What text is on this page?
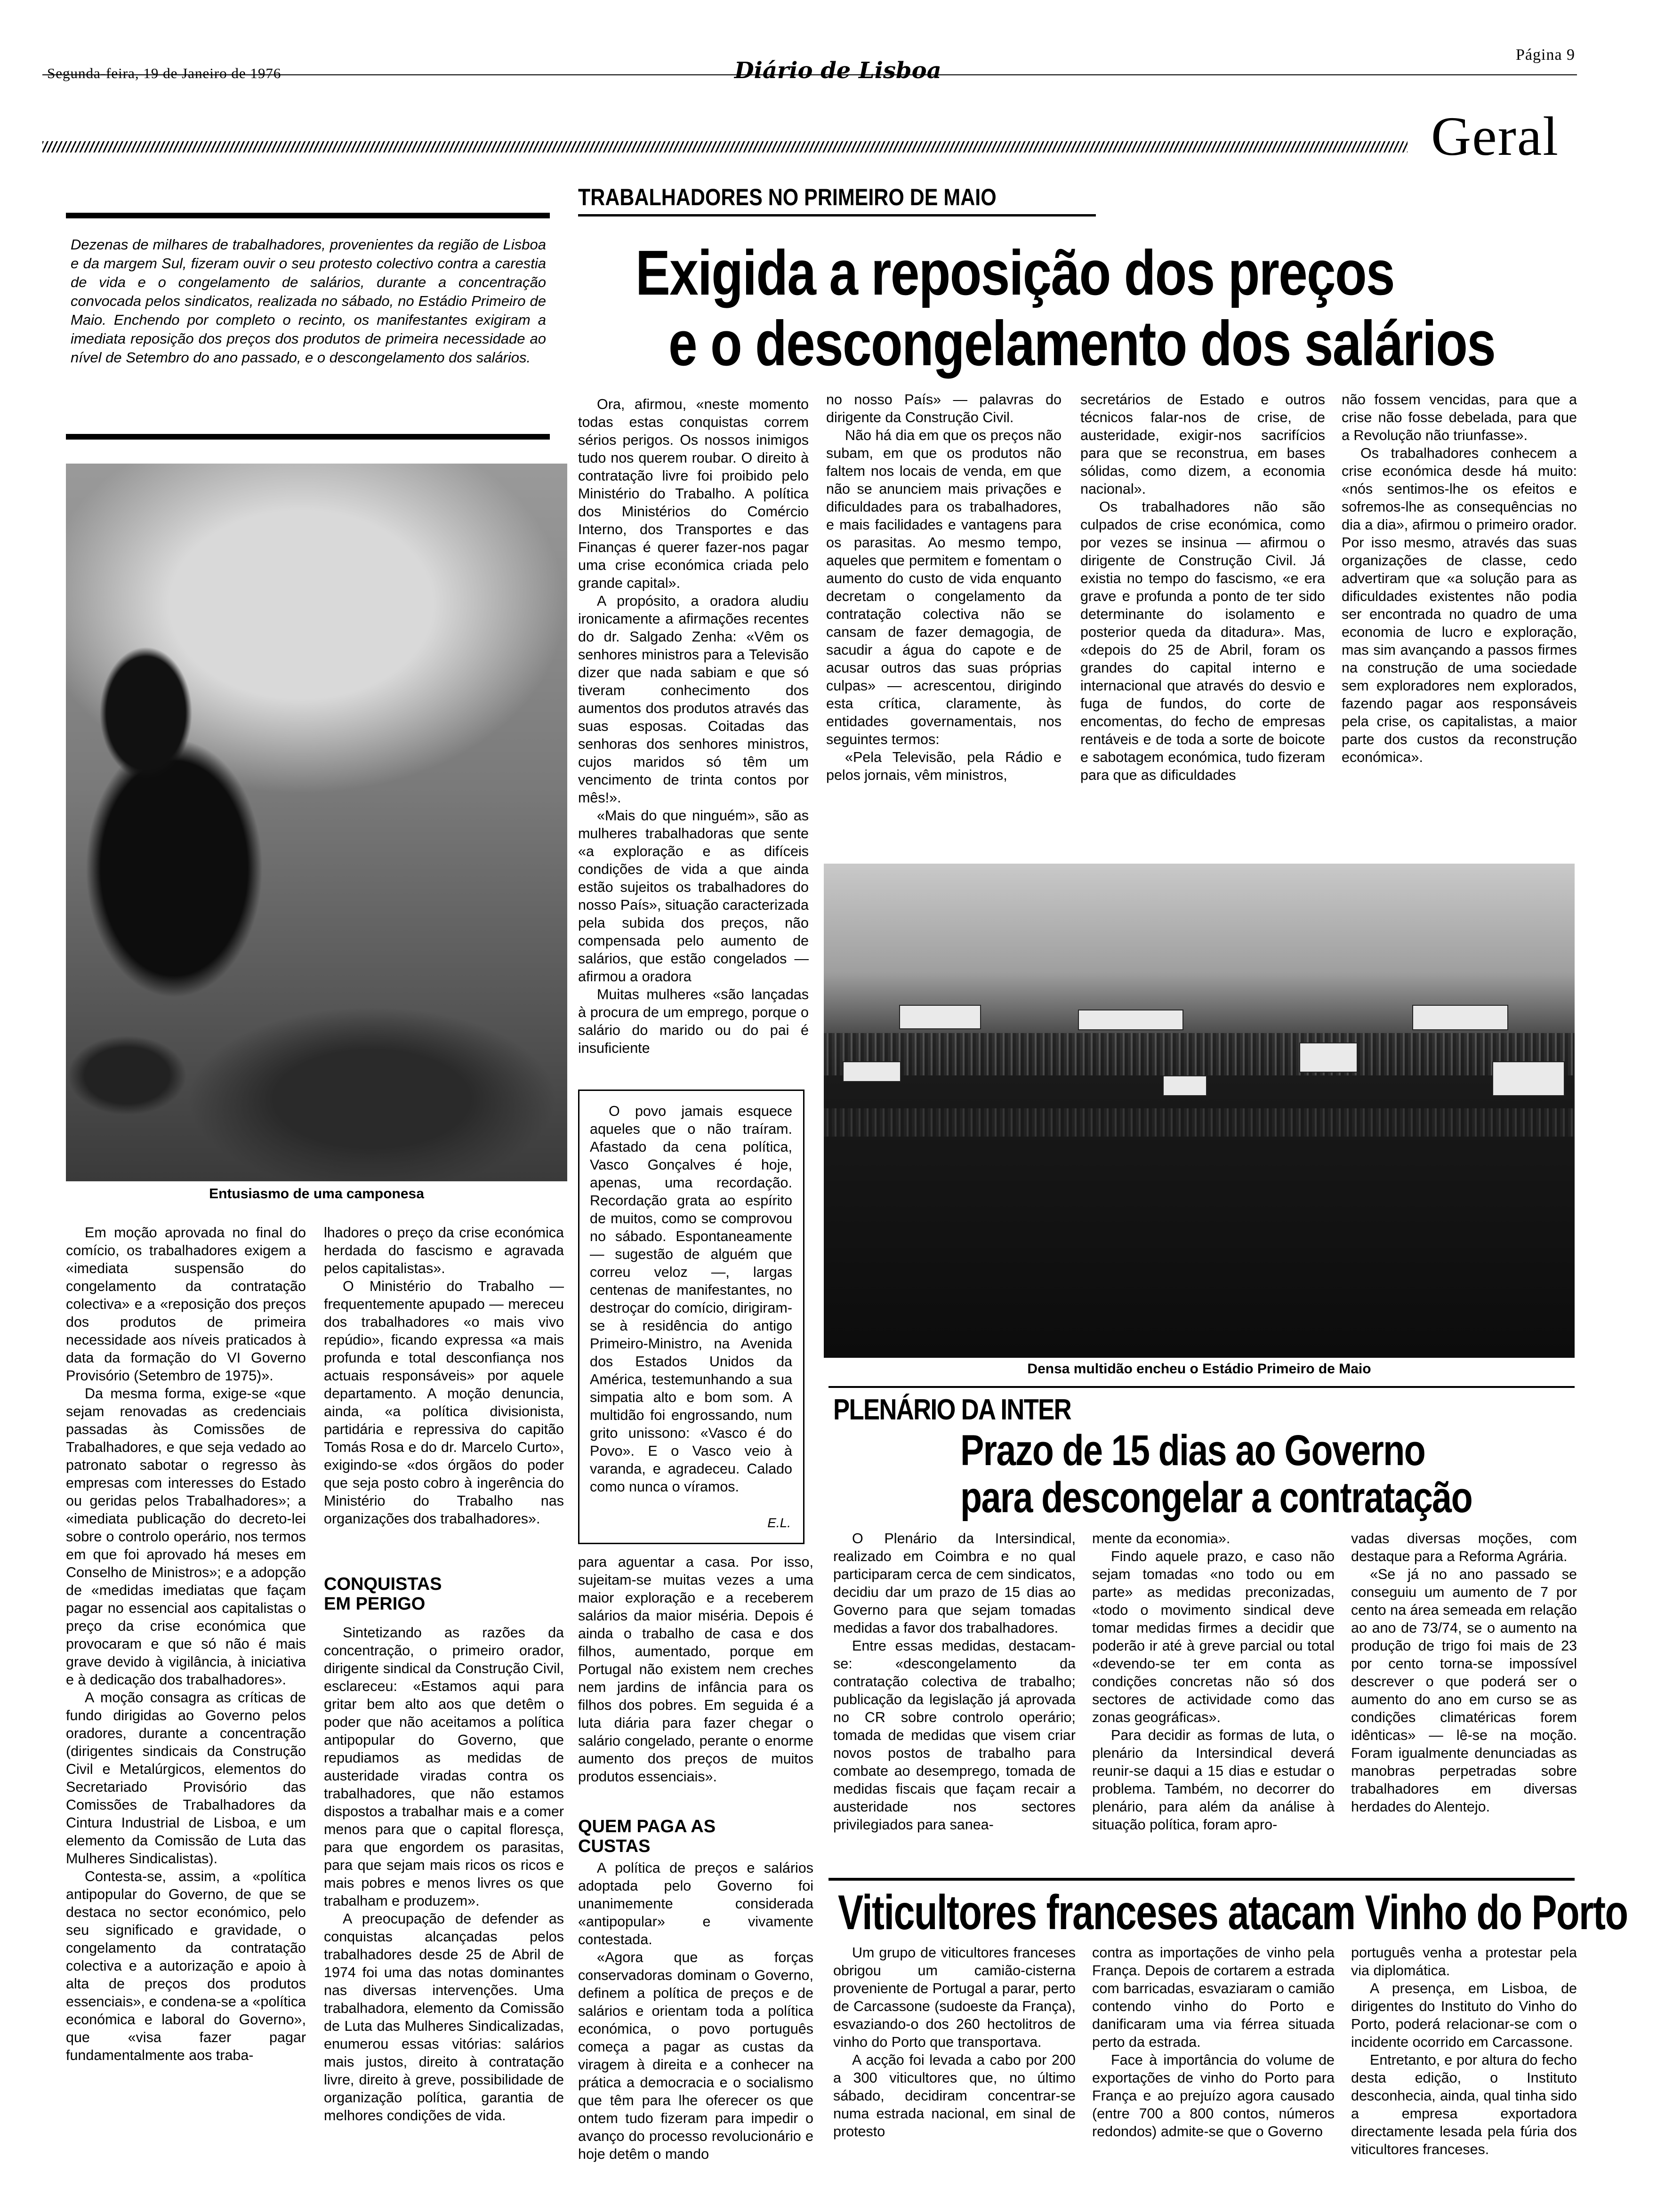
Segunda-feira, 19 de Janeiro de 1976	Diário de Lisboa
Página 9
Geral
TRABALHADORES NO PRIMEIRO DE MAIO
Exigida a reposição dos preços
e o descongelamento dos salários
Dezenas de milhares de trabalhadores, provenientes da região de Lisboa e da margem Sul, fizeram ouvir o seu protesto colectivo contra a carestia de vida e o congelamento de salários, durante a concentração convocada pelos sindicatos, realizada no sábado, no Estádio Primeiro de Maio. Enchendo por completo o recinto, os manifestantes exigiram a imediata reposição dos preços dos produtos de primeira necessidade ao nível de Setembro do ano passado, e o descongelamento dos salários.
Entusiasmo de uma camponesa

Em moção aprovada no final do comício, os trabalhadores exigem a «imediata suspensão do congelamento da contratação colectiva» e a «reposição dos preços dos produtos de primeira necessidade aos níveis praticados à data da formação do VI Governo Provisório (Setembro de 1975)».

Da mesma forma, exige-se «que sejam renovadas as credenciais passadas às Comissões de Trabalhadores, e que seja vedado ao patronato sabotar o regresso às empresas com interesses do Estado ou geridas pelos Trabalhadores»; a «imediata publicação do decreto-lei sobre o controlo operário, nos termos em que foi aprovado há meses em Conselho de Ministros»; e a adopção de «medidas imediatas que façam pagar no essencial aos capitalistas o preço da crise económica que provocaram e que só não é mais grave devido à vigilância, à iniciativa e à dedicação dos trabalhadores».

A moção consagra as críticas de fundo dirigidas ao Governo pelos oradores, durante a concentração (dirigentes sindicais da Construção Civil e Metalúrgicos, elementos do Secretariado Provisório das Comissões de Trabalhadores da Cintura Industrial de Lisboa, e um elemento da Comissão de Luta das Mulheres Sindicalistas).

Contesta-se, assim, a «política antipopular do Governo, de que se destaca no sector económico, pelo seu significado e gravidade, o congelamento da contratação colectiva e a autorização e apoio à alta de preços dos produtos essenciais», e condena-se a «política económica e laboral do Governo», que «visa fazer pagar fundamentalmente aos traba-

lhadores o preço da crise económica herdada do fascismo e agravada pelos capitalistas».

O Ministério do Trabalho — frequentemente apupado — mereceu dos trabalhadores «o mais vivo repúdio», ficando expressa «a mais profunda e total desconfiança nos actuais responsáveis» por aquele departamento. A moção denuncia, ainda, «a política divisionista, partidária e repressiva do capitão Tomás Rosa e do dr. Marcelo Curto», exigindo-se «dos órgãos do poder que seja posto cobro à ingerência do Ministério do Trabalho nas organizações dos trabalhadores».

CONQUISTAS EM PERIGO

Sintetizando as razões da concentração, o primeiro orador, dirigente sindical da Construção Civil, esclareceu: «Estamos aqui para gritar bem alto aos que detêm o poder que não aceitamos a política antipopular do Governo, que repudiamos as medidas de austeridade viradas contra os trabalhadores, que não estamos dispostos a trabalhar mais e a comer menos para que o capital floresça, para que engordem os parasitas, para que sejam mais ricos os ricos e mais pobres e menos livres os que trabalham e produzem».

A preocupação de defender as conquistas alcançadas pelos trabalhadores desde 25 de Abril de 1974 foi uma das notas dominantes nas diversas intervenções. Uma trabalhadora, elemento da Comissão de Luta das Mulheres Sindicalizadas, enumerou essas vitórias: salários mais justos, direito à contratação livre, direito à greve, possibilidade de organização política, garantia de melhores condições de vida.

Ora, afirmou, «neste momento todas estas conquistas correm sérios perigos. Os nossos inimigos tudo nos querem roubar. O direito à contratação livre foi proibido pelo Ministério do Trabalho. A política dos Ministérios do Comércio Interno, dos Transportes e das Finanças é querer fazer-nos pagar uma crise económica criada pelo grande capital».

A propósito, a oradora aludiu ironicamente a afirmações recentes do dr. Salgado Zenha: «Vêm os senhores ministros para a Televisão dizer que nada sabiam e que só tiveram conhecimento dos aumentos dos produtos através das suas esposas. Coitadas das senhoras dos senhores ministros, cujos maridos só têm um vencimento de trinta contos por mês!».

«Mais do que ninguém», são as mulheres trabalhadoras que sente «a exploração e as difíceis condições de vida a que ainda estão sujeitos os trabalhadores do nosso País», situação caracterizada pela subida dos preços, não compensada pelo aumento de salários, que estão congelados — afirmou a oradora

Muitas mulheres «são lançadas à procura de um emprego, porque o salário do marido ou do pai é insuficiente

O povo jamais esquece aqueles que o não traíram. Afastado da cena política, Vasco Gonçalves é hoje, apenas, uma recordação. Recordação grata ao espírito de muitos, como se comprovou no sábado. Espontaneamente — sugestão de alguém que correu veloz —, largas centenas de manifestantes, no destroçar do comício, dirigiram-se à residência do antigo Primeiro-Ministro, na Avenida dos Estados Unidos da América, testemunhando a sua simpatia alto e bom som. A multidão foi engrossando, num grito unissono: «Vasco é do Povo». E o Vasco veio à varanda, e agradeceu. Calado como nunca o víramos.

E.L.

para aguentar a casa. Por isso, sujeitam-se muitas vezes a uma maior exploração e a receberem salários da maior miséria. Depois é ainda o trabalho de casa e dos filhos, aumentado, porque em Portugal não existem nem creches nem jardins de infância para os filhos dos pobres. Em seguida é a luta diária para fazer chegar o salário congelado, perante o enorme aumento dos preços de muitos produtos essenciais».

QUEM PAGA AS CUSTAS

A política de preços e salários adoptada pelo Governo foi unanimemente considerada «antipopular» e vivamente contestada.

«Agora que as forças conservadoras dominam o Governo, definem a política de preços e de salários e orientam toda a política económica, o povo português começa a pagar as custas da viragem à direita e a conhecer na prática a democracia e o socialismo que têm para lhe oferecer os que ontem tudo fizeram para impedir o avanço do processo revolucionário e hoje detêm o mando

no nosso País» — palavras do dirigente da Construção Civil.

Não há dia em que os preços não subam, em que os produtos não faltem nos locais de venda, em que não se anunciem mais privações e dificuldades para os trabalhadores, e mais facilidades e vantagens para os parasitas. Ao mesmo tempo, aqueles que permitem e fomentam o aumento do custo de vida enquanto decretam o congelamento da contratação colectiva não se cansam de fazer demagogia, de sacudir a água do capote e de acusar outros das suas próprias culpas» — acrescentou, dirigindo esta crítica, claramente, às entidades governamentais, nos seguintes termos:

«Pela Televisão, pela Rádio e pelos jornais, vêm ministros,

secretários de Estado e outros técnicos falar-nos de crise, de austeridade, exigir-nos sacrifícios para que se reconstrua, em bases sólidas, como dizem, a economia nacional».

Os trabalhadores não são culpados de crise económica, como por vezes se insinua — afirmou o dirigente de Construção Civil. Já existia no tempo do fascismo, «e era grave e profunda a ponto de ter sido determinante do isolamento e posterior queda da ditadura». Mas, «depois do 25 de Abril, foram os grandes do capital interno e internacional que através do desvio e fuga de fundos, do corte de encomentas, do fecho de empresas rentáveis e de toda a sorte de boicote e sabotagem económica, tudo fizeram para que as dificuldades

não fossem vencidas, para que a crise não fosse debelada, para que a Revolução não triunfasse».

Os trabalhadores conhecem a crise económica desde há muito: «nós sentimos-lhe os efeitos e sofremos-lhe as consequências no dia a dia», afirmou o primeiro orador. Por isso mesmo, através das suas organizações de classe, cedo advertiram que «a solução para as dificuldades existentes não podia ser encontrada no quadro de uma economia de lucro e exploração, mas sim avançando a passos firmes na construção de uma sociedade sem exploradores nem explorados, fazendo pagar aos responsáveis pela crise, os capitalistas, a maior parte dos custos da reconstrução económica».

Densa multidão encheu o Estádio Primeiro de Maio
PLENÁRIO DA INTER
Prazo de 15 dias ao Governo
para descongelar a contratação

O Plenário da Intersindical, realizado em Coimbra e no qual participaram cerca de cem sindicatos, decidiu dar um prazo de 15 dias ao Governo para que sejam tomadas medidas a favor dos trabalhadores.

Entre essas medidas, destacam-se: «descongelamento da contratação colectiva de trabalho; publicação da legislação já aprovada no CR sobre controlo operário; tomada de medidas que visem criar novos postos de trabalho para combate ao desemprego, tomada de medidas fiscais que façam recair a austeridade nos sectores privilegiados para sanea-

mente da economia».

Findo aquele prazo, e caso não sejam tomadas «no todo ou em parte» as medidas preconizadas, «todo o movimento sindical deve tomar medidas firmes a decidir que poderão ir até à greve parcial ou total «devendo-se ter em conta as condições concretas não só dos sectores de actividade como das zonas geográficas».

Para decidir as formas de luta, o plenário da Intersindical deverá reunir-se daqui a 15 dias e estudar o problema. Também, no decorrer do plenário, para além da análise à situação política, foram apro-

vadas diversas moções, com destaque para a Reforma Agrária.

«Se já no ano passado se conseguiu um aumento de 7 por cento na área semeada em relação ao ano de 73/74, se o aumento na produção de trigo foi mais de 23 por cento torna-se impossível descrever o que poderá ser o aumento do ano em curso se as condições climatéricas forem idênticas» — lê-se na moção. Foram igualmente denunciadas as manobras perpetradas sobre trabalhadores em diversas herdades do Alentejo.

Viticultores franceses atacam Vinho do Porto

Um grupo de viticultores franceses obrigou um camião-cisterna proveniente de Portugal a parar, perto de Carcassone (sudoeste da França), esvaziando-o dos 260 hectolitros de vinho do Porto que transportava.

A acção foi levada a cabo por 200 a 300 viticultores que, no último sábado, decidiram concentrar-se numa estrada nacional, em sinal de protesto

contra as importações de vinho pela França. Depois de cortarem a estrada com barricadas, esvaziaram o camião contendo vinho do Porto e danificaram uma via férrea situada perto da estrada.

Face à importância do volume de exportações de vinho do Porto para França e ao prejuízo agora causado (entre 700 a 800 contos, números redondos) admite-se que o Governo

português venha a protestar pela via diplomática.

A presença, em Lisboa, de dirigentes do Instituto do Vinho do Porto, poderá relacionar-se com o incidente ocorrido em Carcassone.

Entretanto, e por altura do fecho desta edição, o Instituto desconhecia, ainda, qual tinha sido a empresa exportadora directamente lesada pela fúria dos viticultores franceses.
